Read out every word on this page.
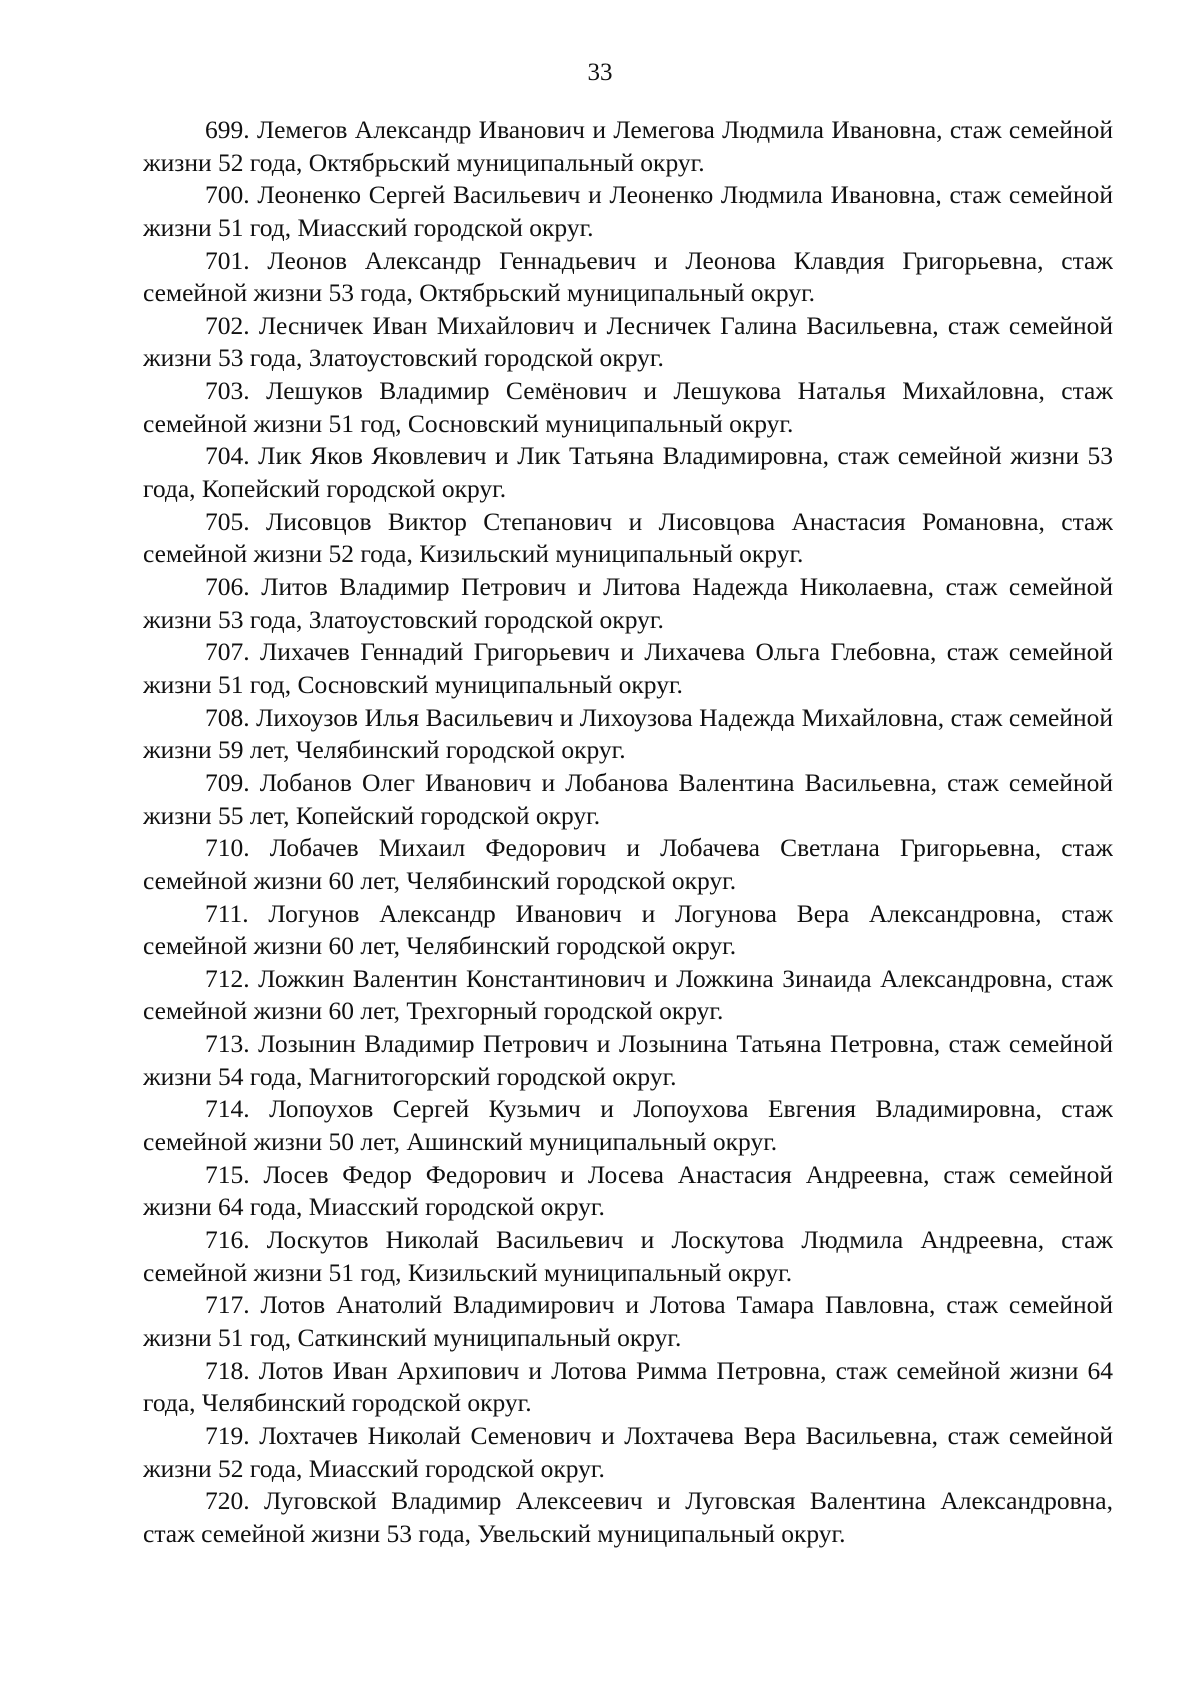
33

699. Лемегов Александр Иванович и Лемегова Людмила Ивановна, стаж семейной жизни 52 года, Октябрьский муниципальный округ.

700. Леоненко Сергей Васильевич и Леоненко Людмила Ивановна, стаж семейной жизни 51 год, Миасский городской округ.

701. Леонов Александр Геннадьевич и Леонова Клавдия Григорьевна, стаж семейной жизни 53 года, Октябрьский муниципальный округ.

702. Лесничек Иван Михайлович и Лесничек Галина Васильевна, стаж семейной жизни 53 года, Златоустовский городской округ.

703. Лешуков Владимир Семёнович и Лешукова Наталья Михайловна, стаж семейной жизни 51 год, Сосновский муниципальный округ.

704. Лик Яков Яковлевич и Лик Татьяна Владимировна, стаж семейной жизни 53 года, Копейский городской округ.

705. Лисовцов Виктор Степанович и Лисовцова Анастасия Романовна, стаж семейной жизни 52 года, Кизильский муниципальный округ.

706. Литов Владимир Петрович и Литова Надежда Николаевна, стаж семейной жизни 53 года, Златоустовский городской округ.

707. Лихачев Геннадий Григорьевич и Лихачева Ольга Глебовна, стаж семейной жизни 51 год, Сосновский муниципальный округ.

708. Лихоузов Илья Васильевич и Лихоузова Надежда Михайловна, стаж семейной жизни 59 лет, Челябинский городской округ.

709. Лобанов Олег Иванович и Лобанова Валентина Васильевна, стаж семейной жизни 55 лет, Копейский городской округ.

710. Лобачев Михаил Федорович и Лобачева Светлана Григорьевна, стаж семейной жизни 60 лет, Челябинский городской округ.

711. Логунов Александр Иванович и Логунова Вера Александровна, стаж семейной жизни 60 лет, Челябинский городской округ.

712. Ложкин Валентин Константинович и Ложкина Зинаида Александровна, стаж семейной жизни 60 лет, Трехгорный городской округ.

713. Лозынин Владимир Петрович и Лозынина Татьяна Петровна, стаж семейной жизни 54 года, Магнитогорский городской округ.

714. Лопоухов Сергей Кузьмич и Лопоухова Евгения Владимировна, стаж семейной жизни 50 лет, Ашинский муниципальный округ.

715. Лосев Федор Федорович и Лосева Анастасия Андреевна, стаж семейной жизни 64 года, Миасский городской округ.

716. Лоскутов Николай Васильевич и Лоскутова Людмила Андреевна, стаж семейной жизни 51 год, Кизильский муниципальный округ.

717. Лотов Анатолий Владимирович и Лотова Тамара Павловна, стаж семейной жизни 51 год, Саткинский муниципальный округ.

718. Лотов Иван Архипович и Лотова Римма Петровна, стаж семейной жизни 64 года, Челябинский городской округ.

719. Лохтачев Николай Семенович и Лохтачева Вера Васильевна, стаж семейной жизни 52 года, Миасский городской округ.

720. Луговской Владимир Алексеевич и Луговская Валентина Александровна, стаж семейной жизни 53 года, Увельский муниципальный округ.
